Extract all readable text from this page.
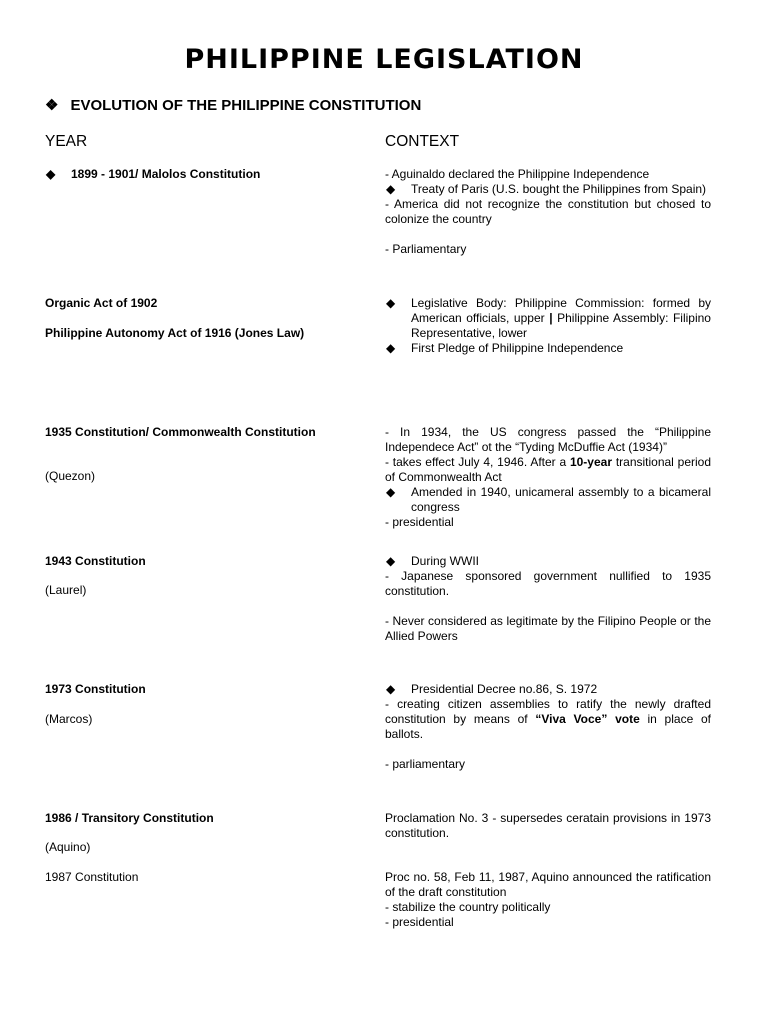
PHILIPPINE LEGISLATION
❖ EVOLUTION OF THE PHILIPPINE CONSTITUTION
YEAR	CONTEXT
◆ 1899 - 1901/ Malolos Constitution	- Aguinaldo declared the Philippine Independence
◆ Treaty of Paris (U.S. bought the Philippines from Spain)
- America did not recognize the constitution but chosed to colonize the country
- Parliamentary
Organic Act of 1902
Philippine Autonomy Act of 1916 (Jones Law)
◆ Legislative Body: Philippine Commission: formed by American officials, upper | Philippine Assembly: Filipino Representative, lower
◆ First Pledge of Philippine Independence
1935 Constitution/ Commonwealth Constitution
(Quezon)
- In 1934, the US congress passed the “Philippine Independece Act” ot the “Tyding McDuffie Act (1934)”
- takes effect July 4, 1946. After a 10-year transitional period of Commonwealth Act
◆ Amended in 1940, unicameral assembly to a bicameral congress
- presidential
1943 Constitution
(Laurel)
◆ During WWII
- Japanese sponsored government nullified to 1935 constitution.
- Never considered as legitimate by the Filipino People or the Allied Powers
1973 Constitution
(Marcos)
◆ Presidential Decree no.86, S. 1972
- creating citizen assemblies to ratify the newly drafted constitution by means of “Viva Voce” vote in place of ballots.
- parliamentary
1986 / Transitory Constitution
(Aquino)
1987 Constitution
Proclamation No. 3 - supersedes ceratain provisions in 1973 constitution.
Proc no. 58, Feb 11, 1987, Aquino announced the ratification of the draft constitution
- stabilize the country politically
- presidential
